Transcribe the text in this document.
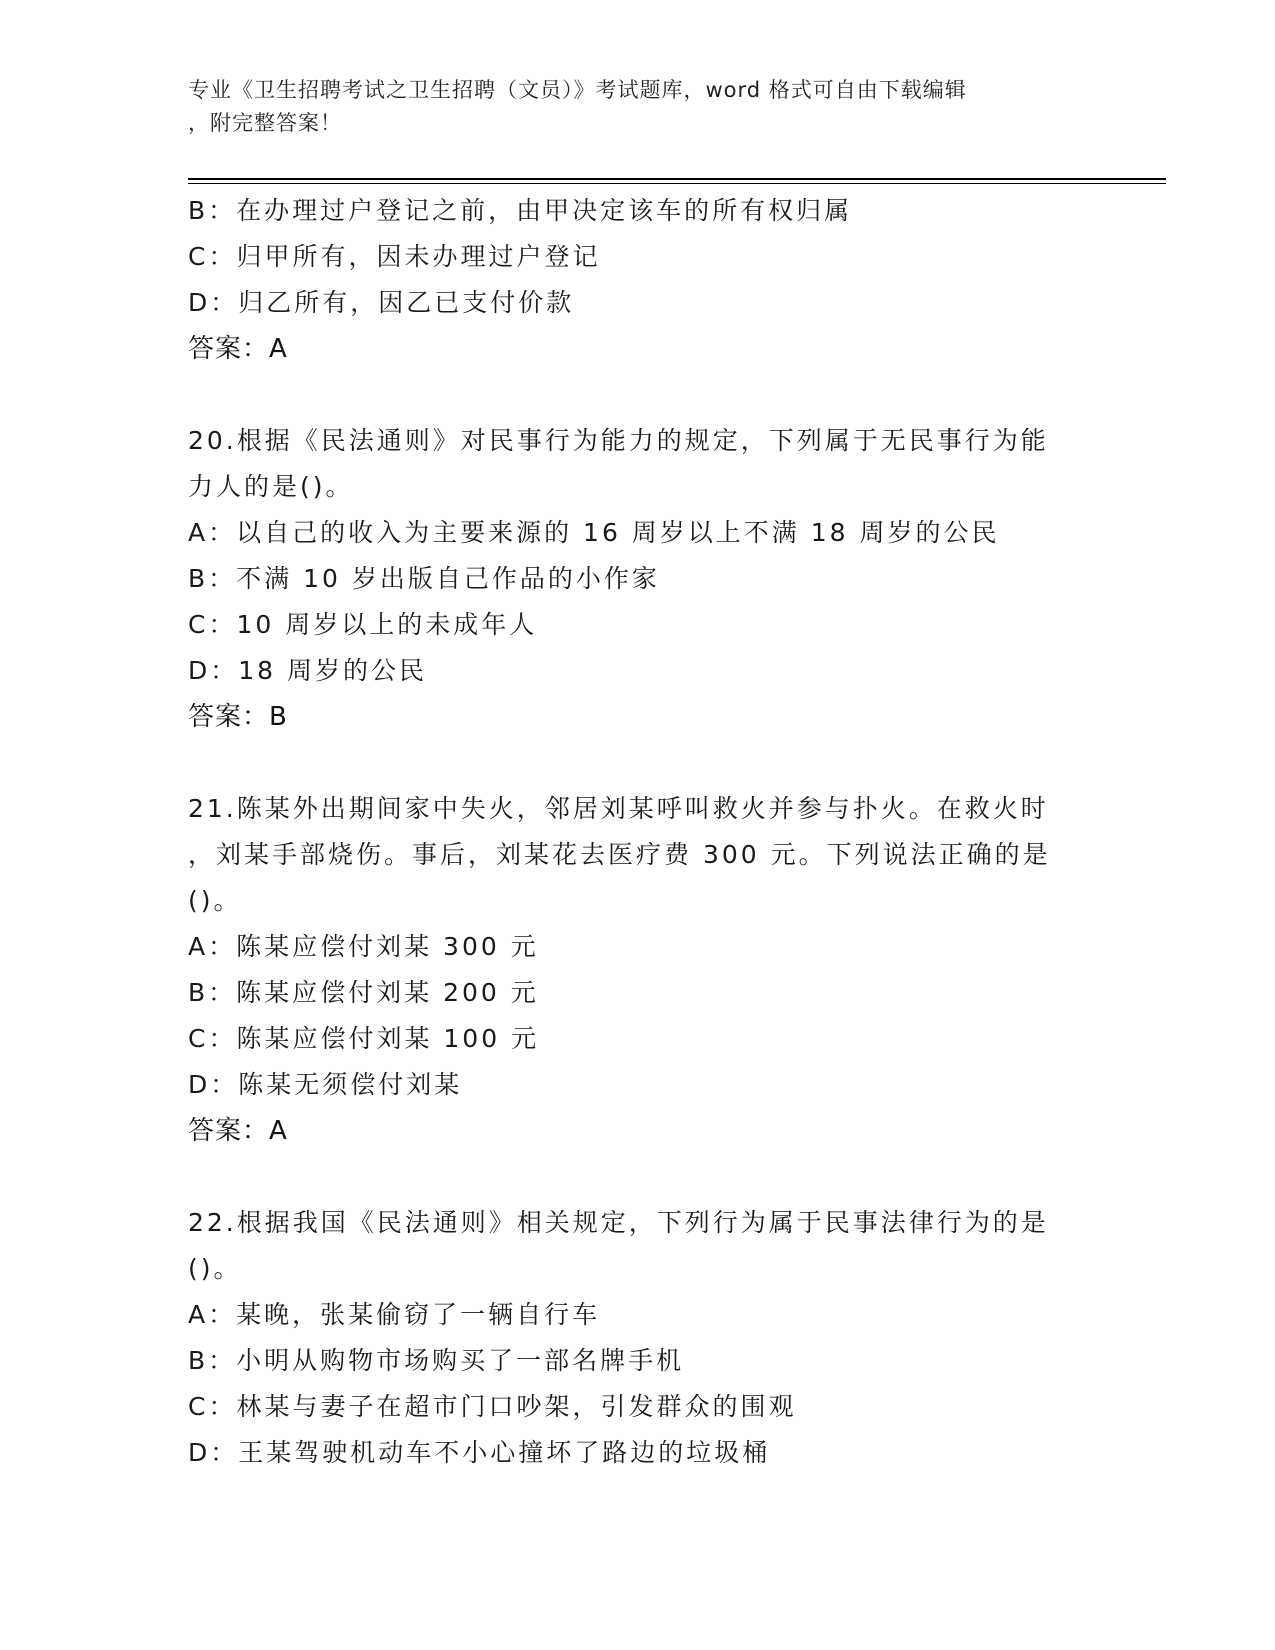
专业《卫生招聘考试之卫生招聘（文员）》考试题库，word 格式可自由下载编辑
，附完整答案！
B：在办理过户登记之前，由甲决定该车的所有权归属
C：归甲所有，因未办理过户登记
D：归乙所有，因乙已支付价款
答案：A
20.根据《民法通则》对民事行为能力的规定，下列属于无民事行为能
力人的是()。
A：以自己的收入为主要来源的 16 周岁以上不满 18 周岁的公民
B：不满 10 岁出版自己作品的小作家
C：10 周岁以上的未成年人
D：18 周岁的公民
答案：B
21.陈某外出期间家中失火，邻居刘某呼叫救火并参与扑火。在救火时
，刘某手部烧伤。事后，刘某花去医疗费 300 元。下列说法正确的是
()。
A：陈某应偿付刘某 300 元
B：陈某应偿付刘某 200 元
C：陈某应偿付刘某 100 元
D：陈某无须偿付刘某
答案：A
22.根据我国《民法通则》相关规定，下列行为属于民事法律行为的是
()。
A：某晚，张某偷窃了一辆自行车
B：小明从购物市场购买了一部名牌手机
C：林某与妻子在超市门口吵架，引发群众的围观
D：王某驾驶机动车不小心撞坏了路边的垃圾桶
